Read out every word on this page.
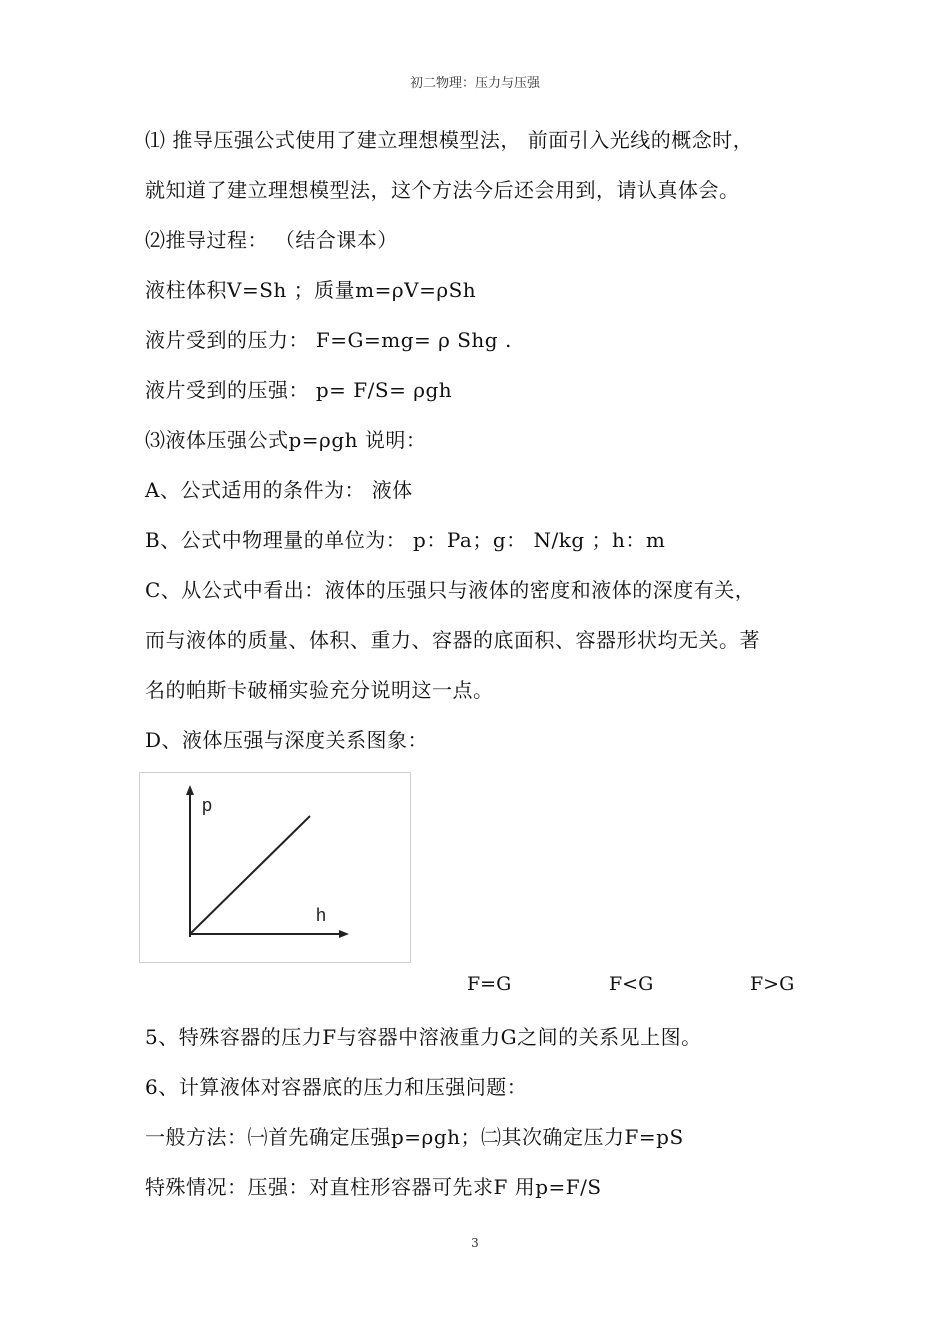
初二物理：压力与压强
⑴ 推导压强公式使用了建立理想模型法， 前面引入光线的概念时，
就知道了建立理想模型法，这个方法今后还会用到，请认真体会。
⑵推导过程： （结合课本）
液柱体积V=Sh ；质量m=ρV=ρSh
液片受到的压力： F=G=mg= ρ Shg .
液片受到的压强： p= F/S= ρgh
⑶液体压强公式p=ρgh 说明：
A、公式适用的条件为： 液体
B、公式中物理量的单位为： p：Pa；g： N/kg ；h：m
C、从公式中看出：液体的压强只与液体的密度和液体的深度有关，
而与液体的质量、体积、重力、容器的底面积、容器形状均无关。著
名的帕斯卡破桶实验充分说明这一点。
D、液体压强与深度关系图象：
p
h
F=G	F<G	F>G
5、特殊容器的压力F与容器中溶液重力G之间的关系见上图。
6、计算液体对容器底的压力和压强问题：
一般方法：㈠首先确定压强p=ρgh；㈡其次确定压力F=pS
特殊情况：压强：对直柱形容器可先求F 用p=F/S
3
